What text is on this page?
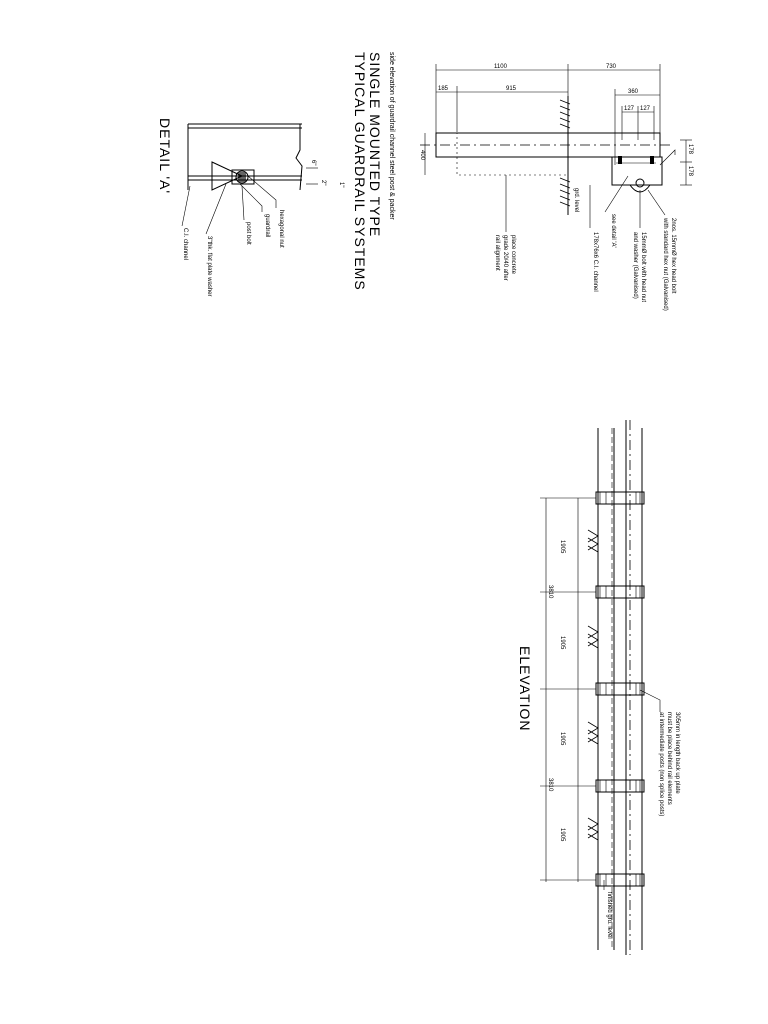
TYPICAL GUARDRAIL SYSTEMS SINGLE MOUNTED TYPE side elevation of guardrail channel steel post & packer	1100	730
185	915	360
127 127
400
178
178
2nos. 15mmØ hex head bolt
with standard hex nut (Galvanised)
15mmØ bolt with head nut
and washer (Galvanised)
see detail 'A'
178x76x6 C.I. channel
grd. level
place concrete
grade 20/40 after
rail alignment
DETAIL 'A'	6"
1"
2"
hexagonal nut
guardrail
post bolt
3"thk. flat plate washer
C.I. channel
ELEVATION
1905
1905
1905
1905
3810
3810	305mm in length back up plate
must be place behind rail elements
at intermediate posts (non splice posts)
finished grd. level
